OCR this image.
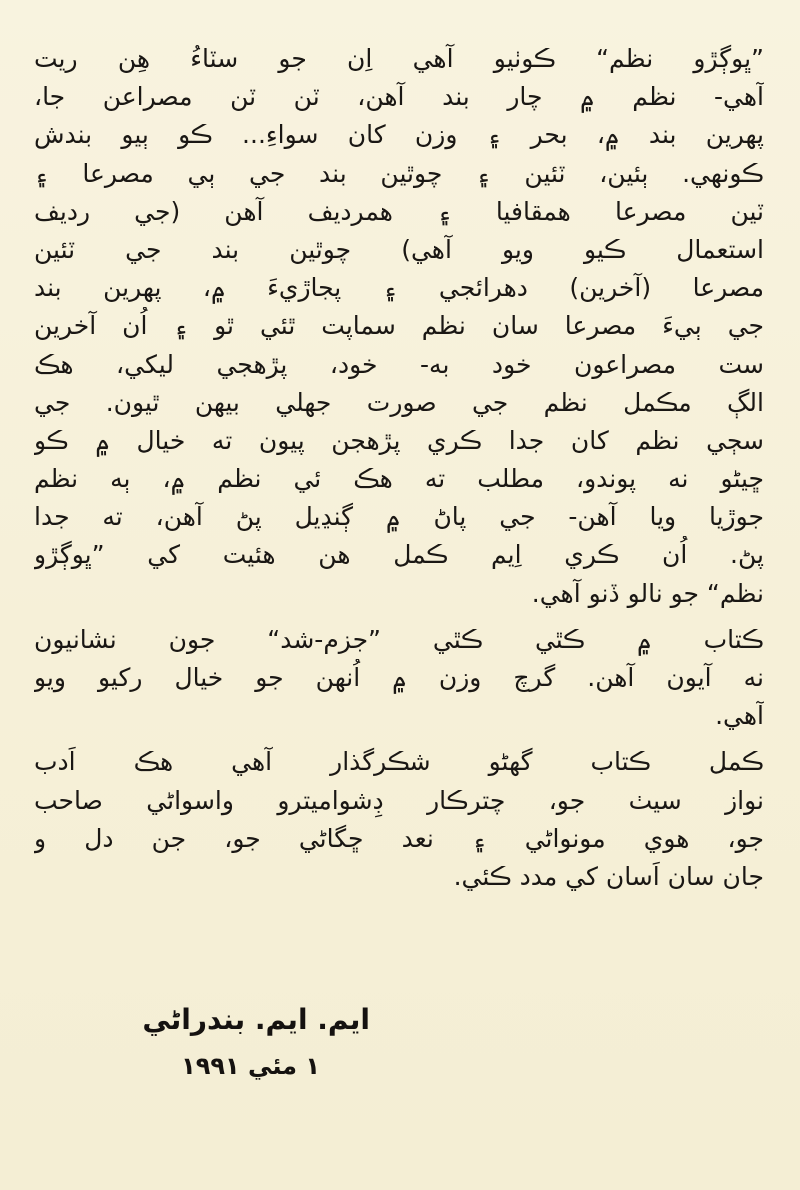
”ڀوڳڙو نظم“ ڪوٺيو آهي اِن جو سٽاءُ هِن ريت
آهي- نظم ۾ چار بند آهن، ٽن ٽن مصراعن جا،
پهرين بند ۾، بحر ۽ وزن کان سواءِ... ڪو ٻيو بندش
ڪونهي. ٻئين، ٽئين ۽ چوٿين بند جي ٻي مصرعا ۽
ٽين مصرعا همقافيا ۽ همرديف آهن (جي رديف
استعمال ڪيو ويو آهي) چوٿين بند جي ٽئين
مصرعا (آخرين) دهرائجي ۽ پجاڙيءَ ۾، پهرين بند
جي ٻيءَ مصرعا سان نظم سماپت ٿئي ٿو ۽ اُن آخرين
ست مصراعون خود به- خود، پڙهجي ليکي، هڪ
الڳ مڪمل نظم جي صورت جهلي بيهن ٿيون. جي
سڄي نظم کان جدا ڪري پڙهجن پيون ته خيال ۾ ڪو
ڇيڻو نه پوندو، مطلب ته هڪ ئي نظم ۾، ٻه نظم
جوڙيا ويا آهن- جي پاڻ ۾ ڳنڍيل پڻ آهن، ته جدا
پڻ. اُن ڪري اِيم ڪمل هن هئيت کي ”ڀوڳڙو
نظم“ جو نالو ڏنو آهي.
ڪتاب ۾ ڪٿي ڪٿي ”جزم-شد“ جون نشانيون
نه آيون آهن. گرچ وزن ۾ اُنهن جو خيال رکيو ويو
آهي.
ڪمل ڪتاب گهڻو شڪرگذار آهي هڪ اَدب
نواز سيٺ جو، چترڪار ڊِشواميترو واسواڻي صاحب
جو، هوي مونواڻي ۽ نعد ڇگاڻي جو، جن دل و
جان سان اَسان کي مدد ڪئي.
ايم. ايم. بندراڻي
۱ مئي ۱۹۹۱
